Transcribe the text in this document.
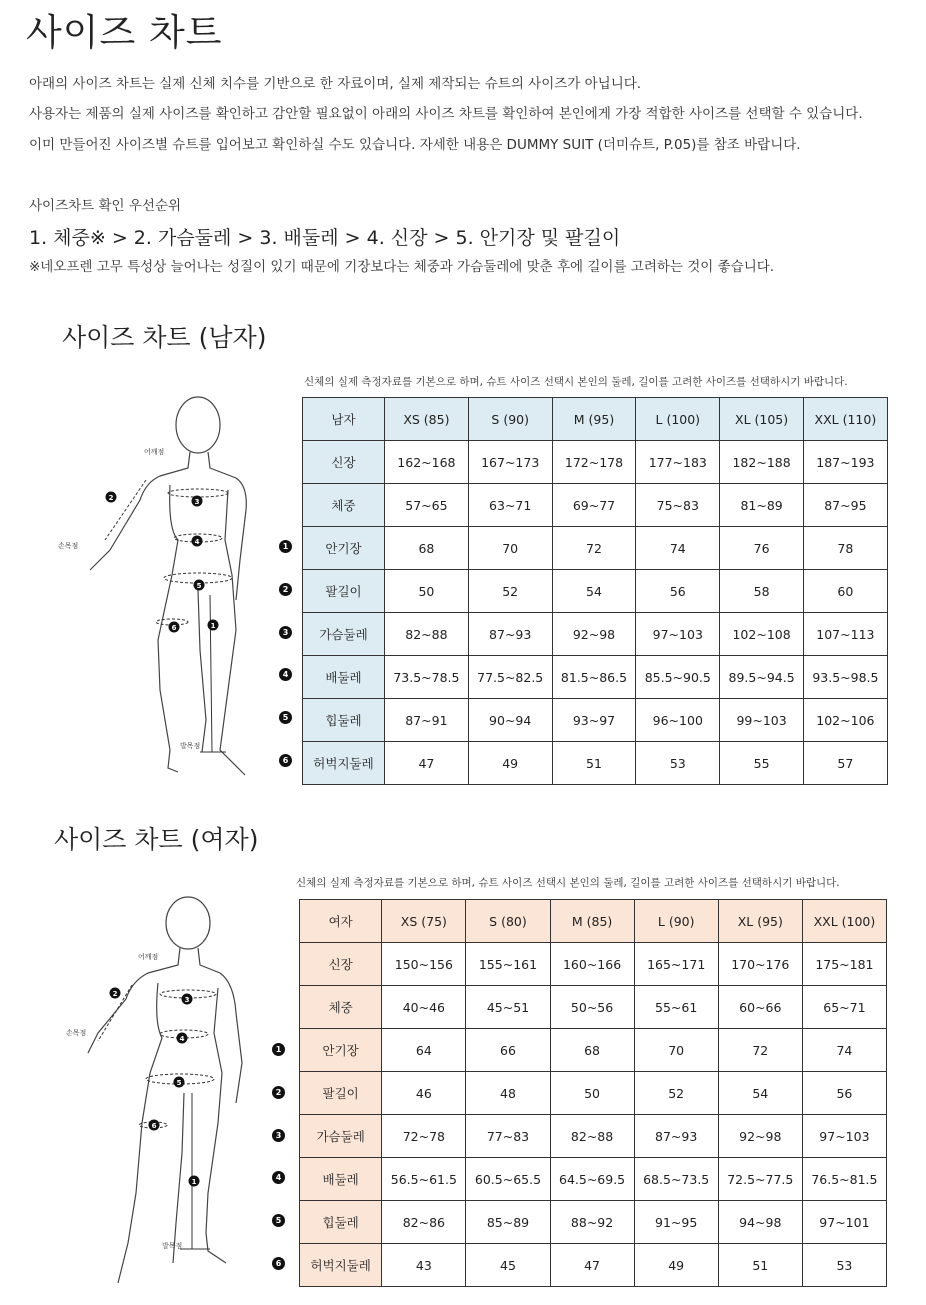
사이즈 차트
아래의 사이즈 차트는 실제 신체 치수를 기반으로 한 자료이며, 실제 제작되는 슈트의 사이즈가 아닙니다.
사용자는 제품의 실제 사이즈를 확인하고 감안할 필요없이 아래의 사이즈 차트를 확인하여 본인에게 가장 적합한 사이즈를 선택할 수 있습니다.
이미 만들어진 사이즈별 슈트를 입어보고 확인하실 수도 있습니다. 자세한 내용은 DUMMY SUIT (더미슈트, P.05)를 참조 바랍니다.
사이즈차트 확인 우선순위
1. 체중※ > 2. 가슴둘레 > 3. 배둘레 > 4. 신장 > 5. 안기장 및 팔길이
※네오프렌 고무 특성상 늘어나는 성질이 있기 때문에 기장보다는 체중과 가슴둘레에 맞춘 후에 길이를 고려하는 것이 좋습니다.
사이즈 차트 (남자)
신체의 실제 측정자료를 기본으로 하며, 슈트 사이즈 선택시 본인의 둘레, 길이를 고려한 사이즈를 선택하시기 바랍니다.
어깨점
손목점
발목점
2	3
4
5
6	1
1
2
3
4
5
6
남자	XS (85)	S (90)	M (95)	L (100)	XL (105)	XXL (110)
신장	162~168	167~173	172~178	177~183	182~188	187~193
체중	57~65	63~71	69~77	75~83	81~89	87~95
안기장	68	70	72	74	76	78
팔길이	50	52	54	56	58	60
가슴둘레	82~88	87~93	92~98	97~103	102~108	107~113
배둘레	73.5~78.5	77.5~82.5	81.5~86.5	85.5~90.5	89.5~94.5	93.5~98.5
힙둘레	87~91	90~94	93~97	96~100	99~103	102~106
허벅지둘레	47	49	51	53	55	57
사이즈 차트 (여자)
신체의 실제 측정자료를 기본으로 하며, 슈트 사이즈 선택시 본인의 둘레, 길이를 고려한 사이즈를 선택하시기 바랍니다.
어깨점
손목점
발목점
2
3
4
5
6
1
1
2
3
4
5
6
여자	XS (75)	S (80)	M (85)	L (90)	XL (95)	XXL (100)
신장	150~156	155~161	160~166	165~171	170~176	175~181
체중	40~46	45~51	50~56	55~61	60~66	65~71
안기장	64	66	68	70	72	74
팔길이	46	48	50	52	54	56
가슴둘레	72~78	77~83	82~88	87~93	92~98	97~103
배둘레	56.5~61.5	60.5~65.5	64.5~69.5	68.5~73.5	72.5~77.5	76.5~81.5
힙둘레	82~86	85~89	88~92	91~95	94~98	97~101
허벅지둘레	43	45	47	49	51	53
